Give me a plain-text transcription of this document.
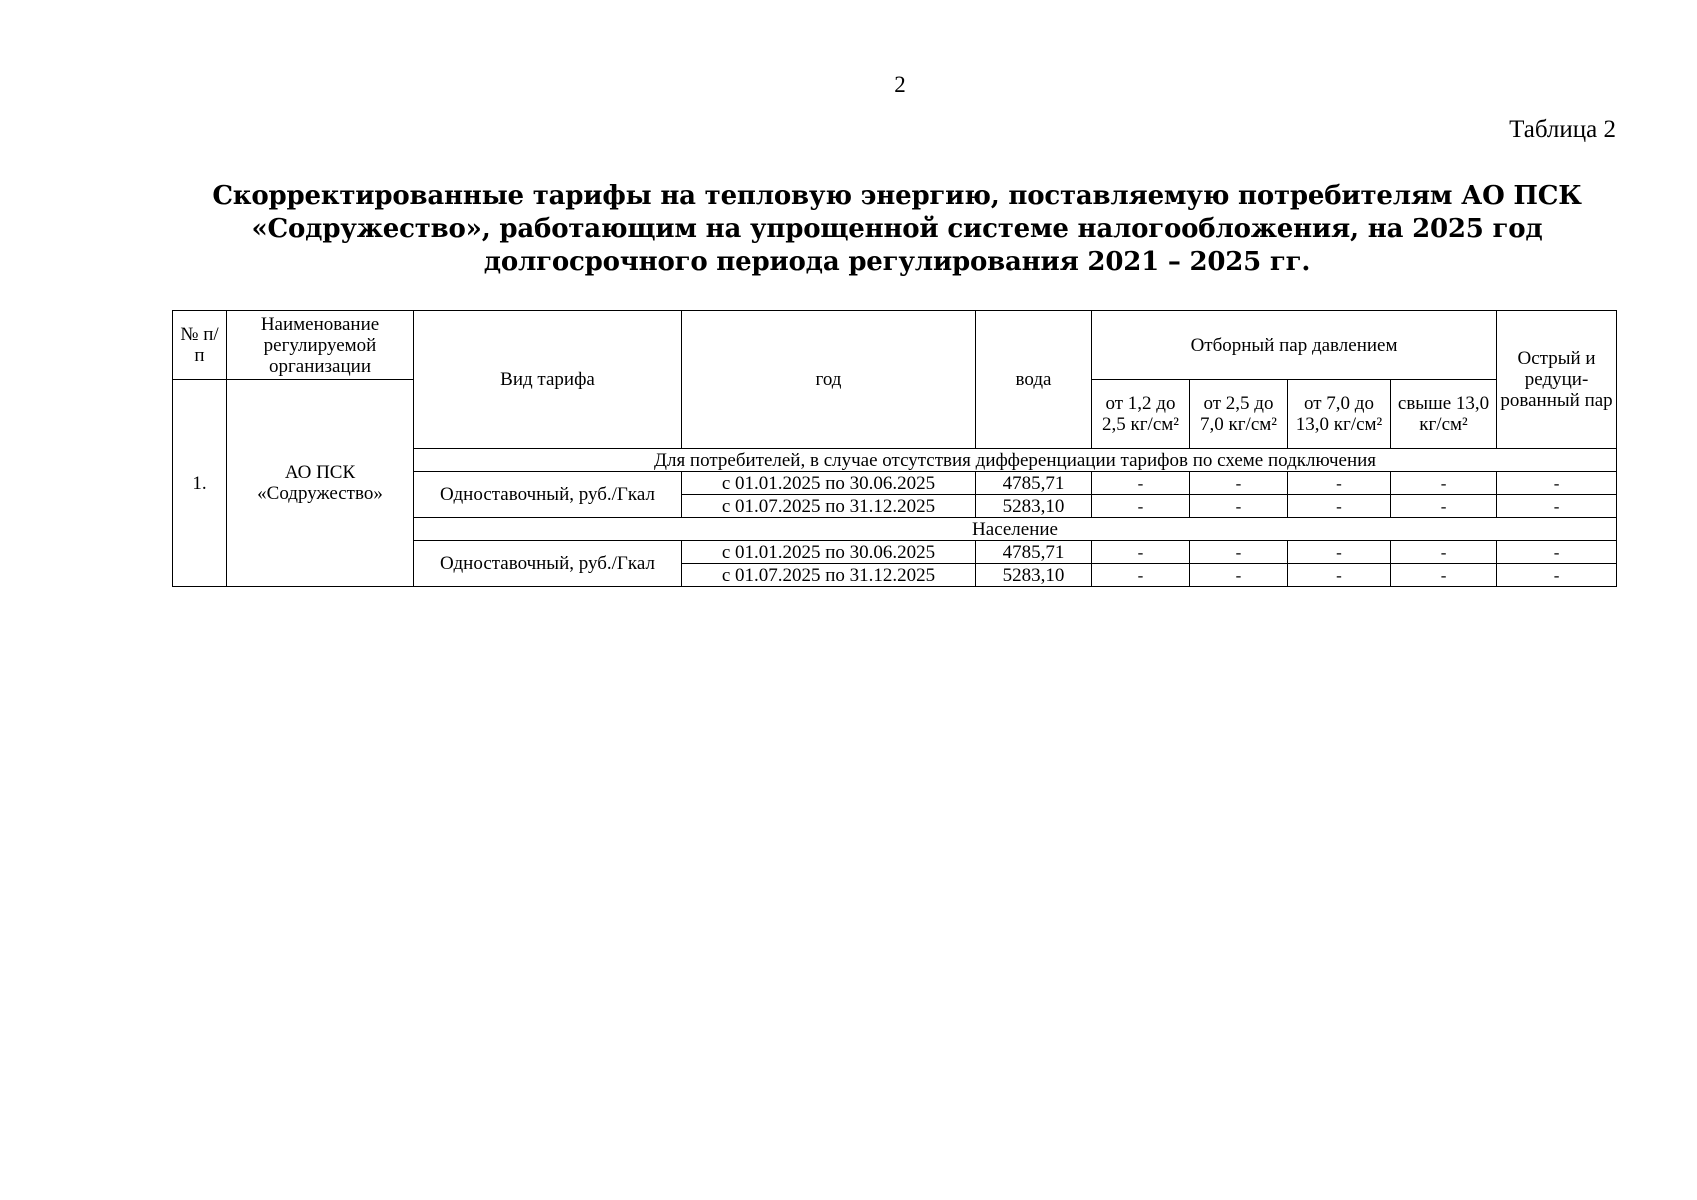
2
Таблица 2
Скорректированные тарифы на тепловую энергию, поставляемую потребителям АО ПСК «Содружество», работающим на упрощенной системе налогообложения, на 2025 год долгосрочного периода регулирования 2021 – 2025 гг.
№ п/п	Наименование регулируемой организации	Вид тарифа	год	вода	Отборный пар давлением				Острый и редуци-рованный пар
1.	АО ПСК «Содружество»				от 1,2 до 2,5 кг/см²	от 2,5 до 7,0 кг/см²	от 7,0 до 13,0 кг/см²	свыше 13,0 кг/см²	
		Для потребителей, в случае отсутствия дифференциации тарифов по схеме подключения							
		Одноставочный, руб./Гкал	с 01.01.2025 по 30.06.2025	4785,71	-	-	-	-	-
			с 01.07.2025 по 31.12.2025	5283,10	-	-	-	-	-
		Население							
		Одноставочный, руб./Гкал	с 01.01.2025 по 30.06.2025	4785,71	-	-	-	-	-
			с 01.07.2025 по 31.12.2025	5283,10	-	-	-	-	-
